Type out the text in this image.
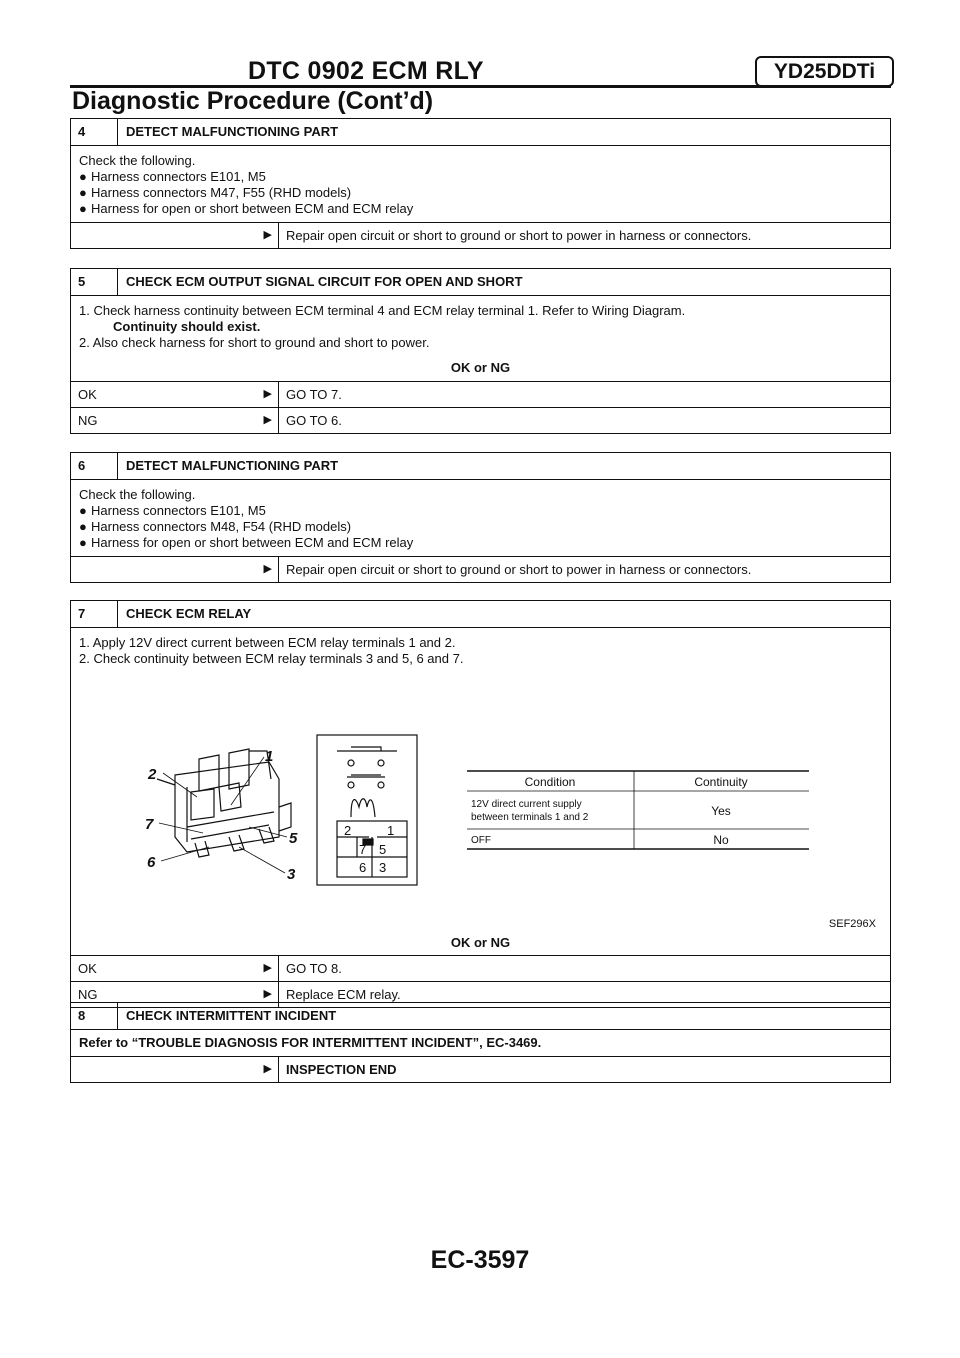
DTC 0902 ECM RLY	YD25DDTi
Diagnostic Procedure (Cont’d)
4	DETECT MALFUNCTIONING PART

Check the following.

● Harness connectors E101, M5
● Harness connectors M47, F55 (RHD models)
● Harness for open or short between ECM and ECM relay
▶	Repair open circuit or short to ground or short to power in harness or connectors.
5	CHECK ECM OUTPUT SIGNAL CIRCUIT FOR OPEN AND SHORT

1. Check harness continuity between ECM terminal 4 and ECM relay terminal 1. Refer to Wiring Diagram.

Continuity should exist.

2. Also check harness for short to ground and short to power.

OK or NG

OK	▶	GO TO 7.
NG	▶	GO TO 6.
6	DETECT MALFUNCTIONING PART

Check the following.

● Harness connectors E101, M5
● Harness connectors M48, F54 (RHD models)
● Harness for open or short between ECM and ECM relay
▶	Repair open circuit or short to ground or short to power in harness or connectors.
7	CHECK ECM RELAY

1. Apply 12V direct current between ECM relay terminals 1 and 2.

2. Check continuity between ECM relay terminals 3 and 5, 6 and 7.

1
2
7
5
6
3
2	1
7 5
6 3
Condition	Continuity
12V direct current supply
between terminals 1 and 2	Yes
OFF	No
SEF296X

OK or NG

OK	▶	GO TO 8.
NG	▶	Replace ECM relay.
8	CHECK INTERMITTENT INCIDENT
Refer to “TROUBLE DIAGNOSIS FOR INTERMITTENT INCIDENT”, EC-3469.
▶	INSPECTION END
EC-3597
